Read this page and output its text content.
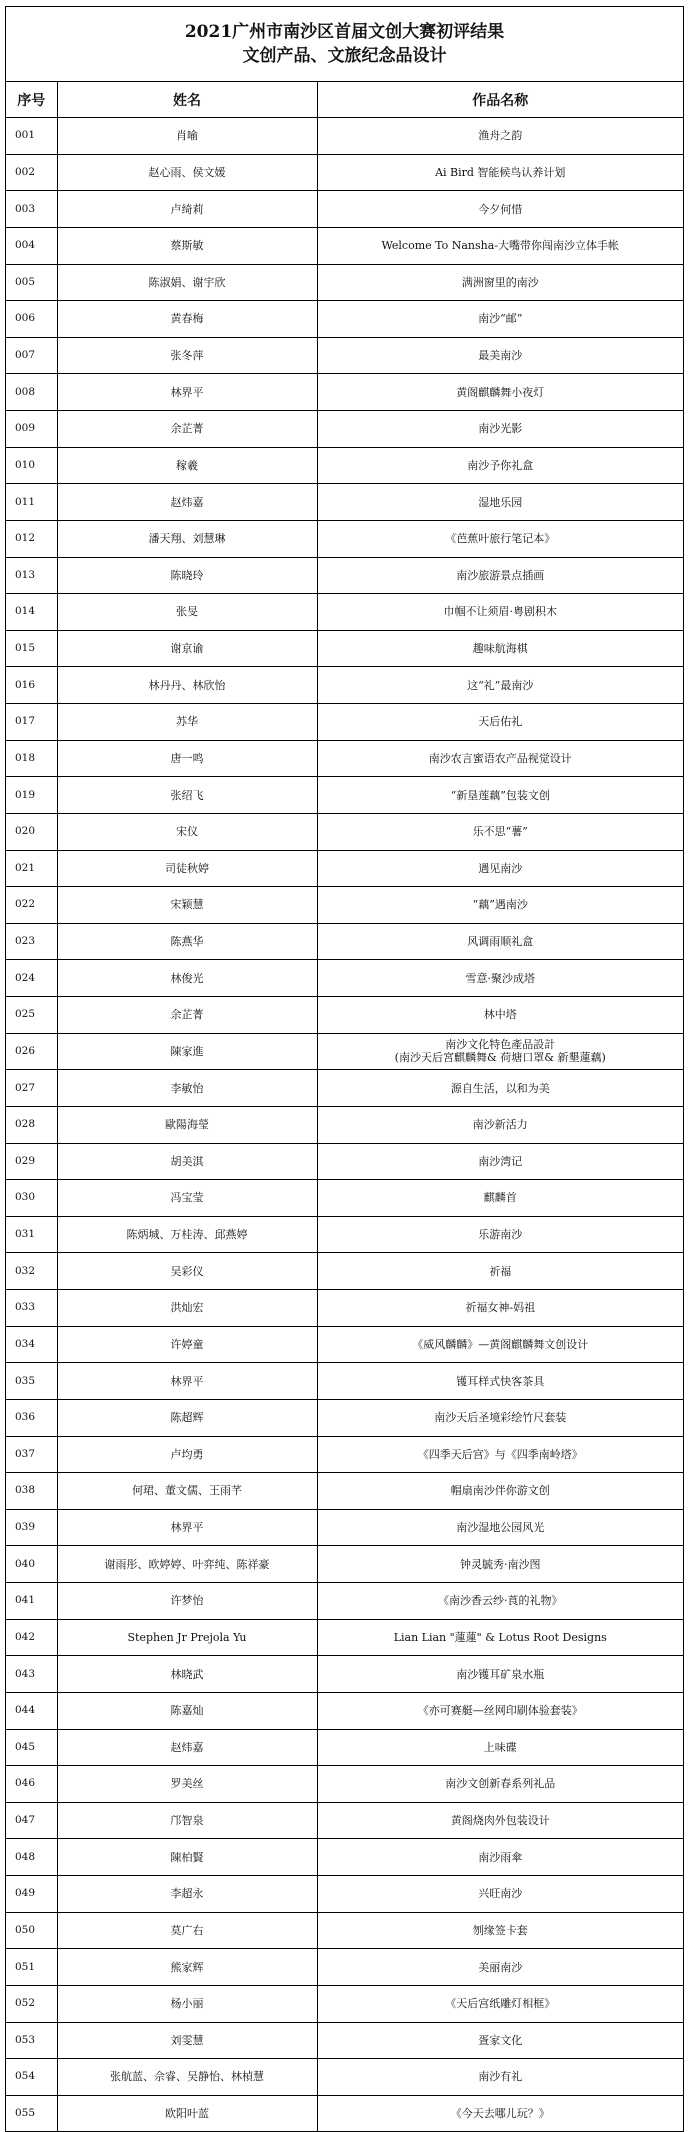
2021广州市南沙区首届文创大赛初评结果
文创产品、文旅纪念品设计
序号	姓名	作品名称
001	肖喻	渔舟之韵
002	赵心雨、侯文媛	Ai Bird 智能候鸟认养计划
003	卢绮莉	今夕何惜
004	蔡斯敏	Welcome To Nansha-大嘴带你闯南沙立体手帐
005	陈淑娟、谢宇欣	满洲窗里的南沙
006	黄春梅	南沙“邮”
007	张冬萍	最美南沙
008	林界平	黄阁麒麟舞小夜灯
009	余芷菁	南沙光影
010	稼羲	南沙予你礼盒
011	赵炜嘉	湿地乐园
012	潘天翔、刘慧琳	《芭蕉叶旅行笔记本》
013	陈晓玲	南沙旅游景点插画
014	张旻	巾帼不让须眉·粤剧积木
015	谢京谕	趣味航海棋
016	林丹丹、林欣怡	这“礼”最南沙
017	苏华	天后佑礼
018	唐一鸣	南沙农言蜜语农产品视觉设计
019	张绍飞	“新垦莲藕”包装文创
020	宋仪	乐不思“薯”
021	司徒秋婷	遇见南沙
022	宋颖慧	“藕”遇南沙
023	陈燕华	风调雨顺礼盒
024	林俊光	雪意·聚沙成塔
025	余芷菁	林中塔
026	陳家進	南沙文化特色產品設計
(南沙天后宮麒麟舞& 荷塘口罩& 新墾蓮藕)
027	李敏怡	源自生活，以和为美
028	歐陽海瑩	南沙新活力
029	胡美淇	南沙湾记
030	冯宝莹	麒麟首
031	陈炳城、万桂涛、邱燕婷	乐游南沙
032	吴彩仪	祈福
033	洪灿宏	祈福女神-妈祖
034	许婷童	《威风麟麟》—黄阁麒麟舞文创设计
035	林界平	镬耳样式快客茶具
036	陈超辉	南沙天后圣境彩绘竹尺套装
037	卢均勇	《四季天后宫》与《四季南岭塔》
038	何珺、董文儒、王雨芊	帽扇南沙伴你游文创
039	林界平	南沙湿地公园风光
040	谢雨彤、欧婷婷、叶弈纯、陈祥豪	钟灵毓秀·南沙图
041	许梦怡	《南沙香云纱·莨的礼物》
042	Stephen Jr Prejola Yu	Lian Lian "蓮蓮" & Lotus Root Designs
043	林晓武	南沙镬耳矿泉水瓶
044	陈嘉灿	《亦可赛艇—丝网印刷体验套装》
045	赵炜嘉	上味碟
046	罗美丝	南沙文创新春系列礼品
047	邝智泉	黄阁烧肉外包装设计
048	陳柏賢	南沙雨傘
049	李超永	兴旺南沙
050	莫广右	刎缘签卡套
051	熊家辉	美丽南沙
052	杨小丽	《天后宫纸雕灯相框》
053	刘雯慧	疍家文化
054	张航蓝、佘睿、吴静怡、林楨慧	南沙有礼
055	欧阳叶蓝	《今天去哪儿玩？》
